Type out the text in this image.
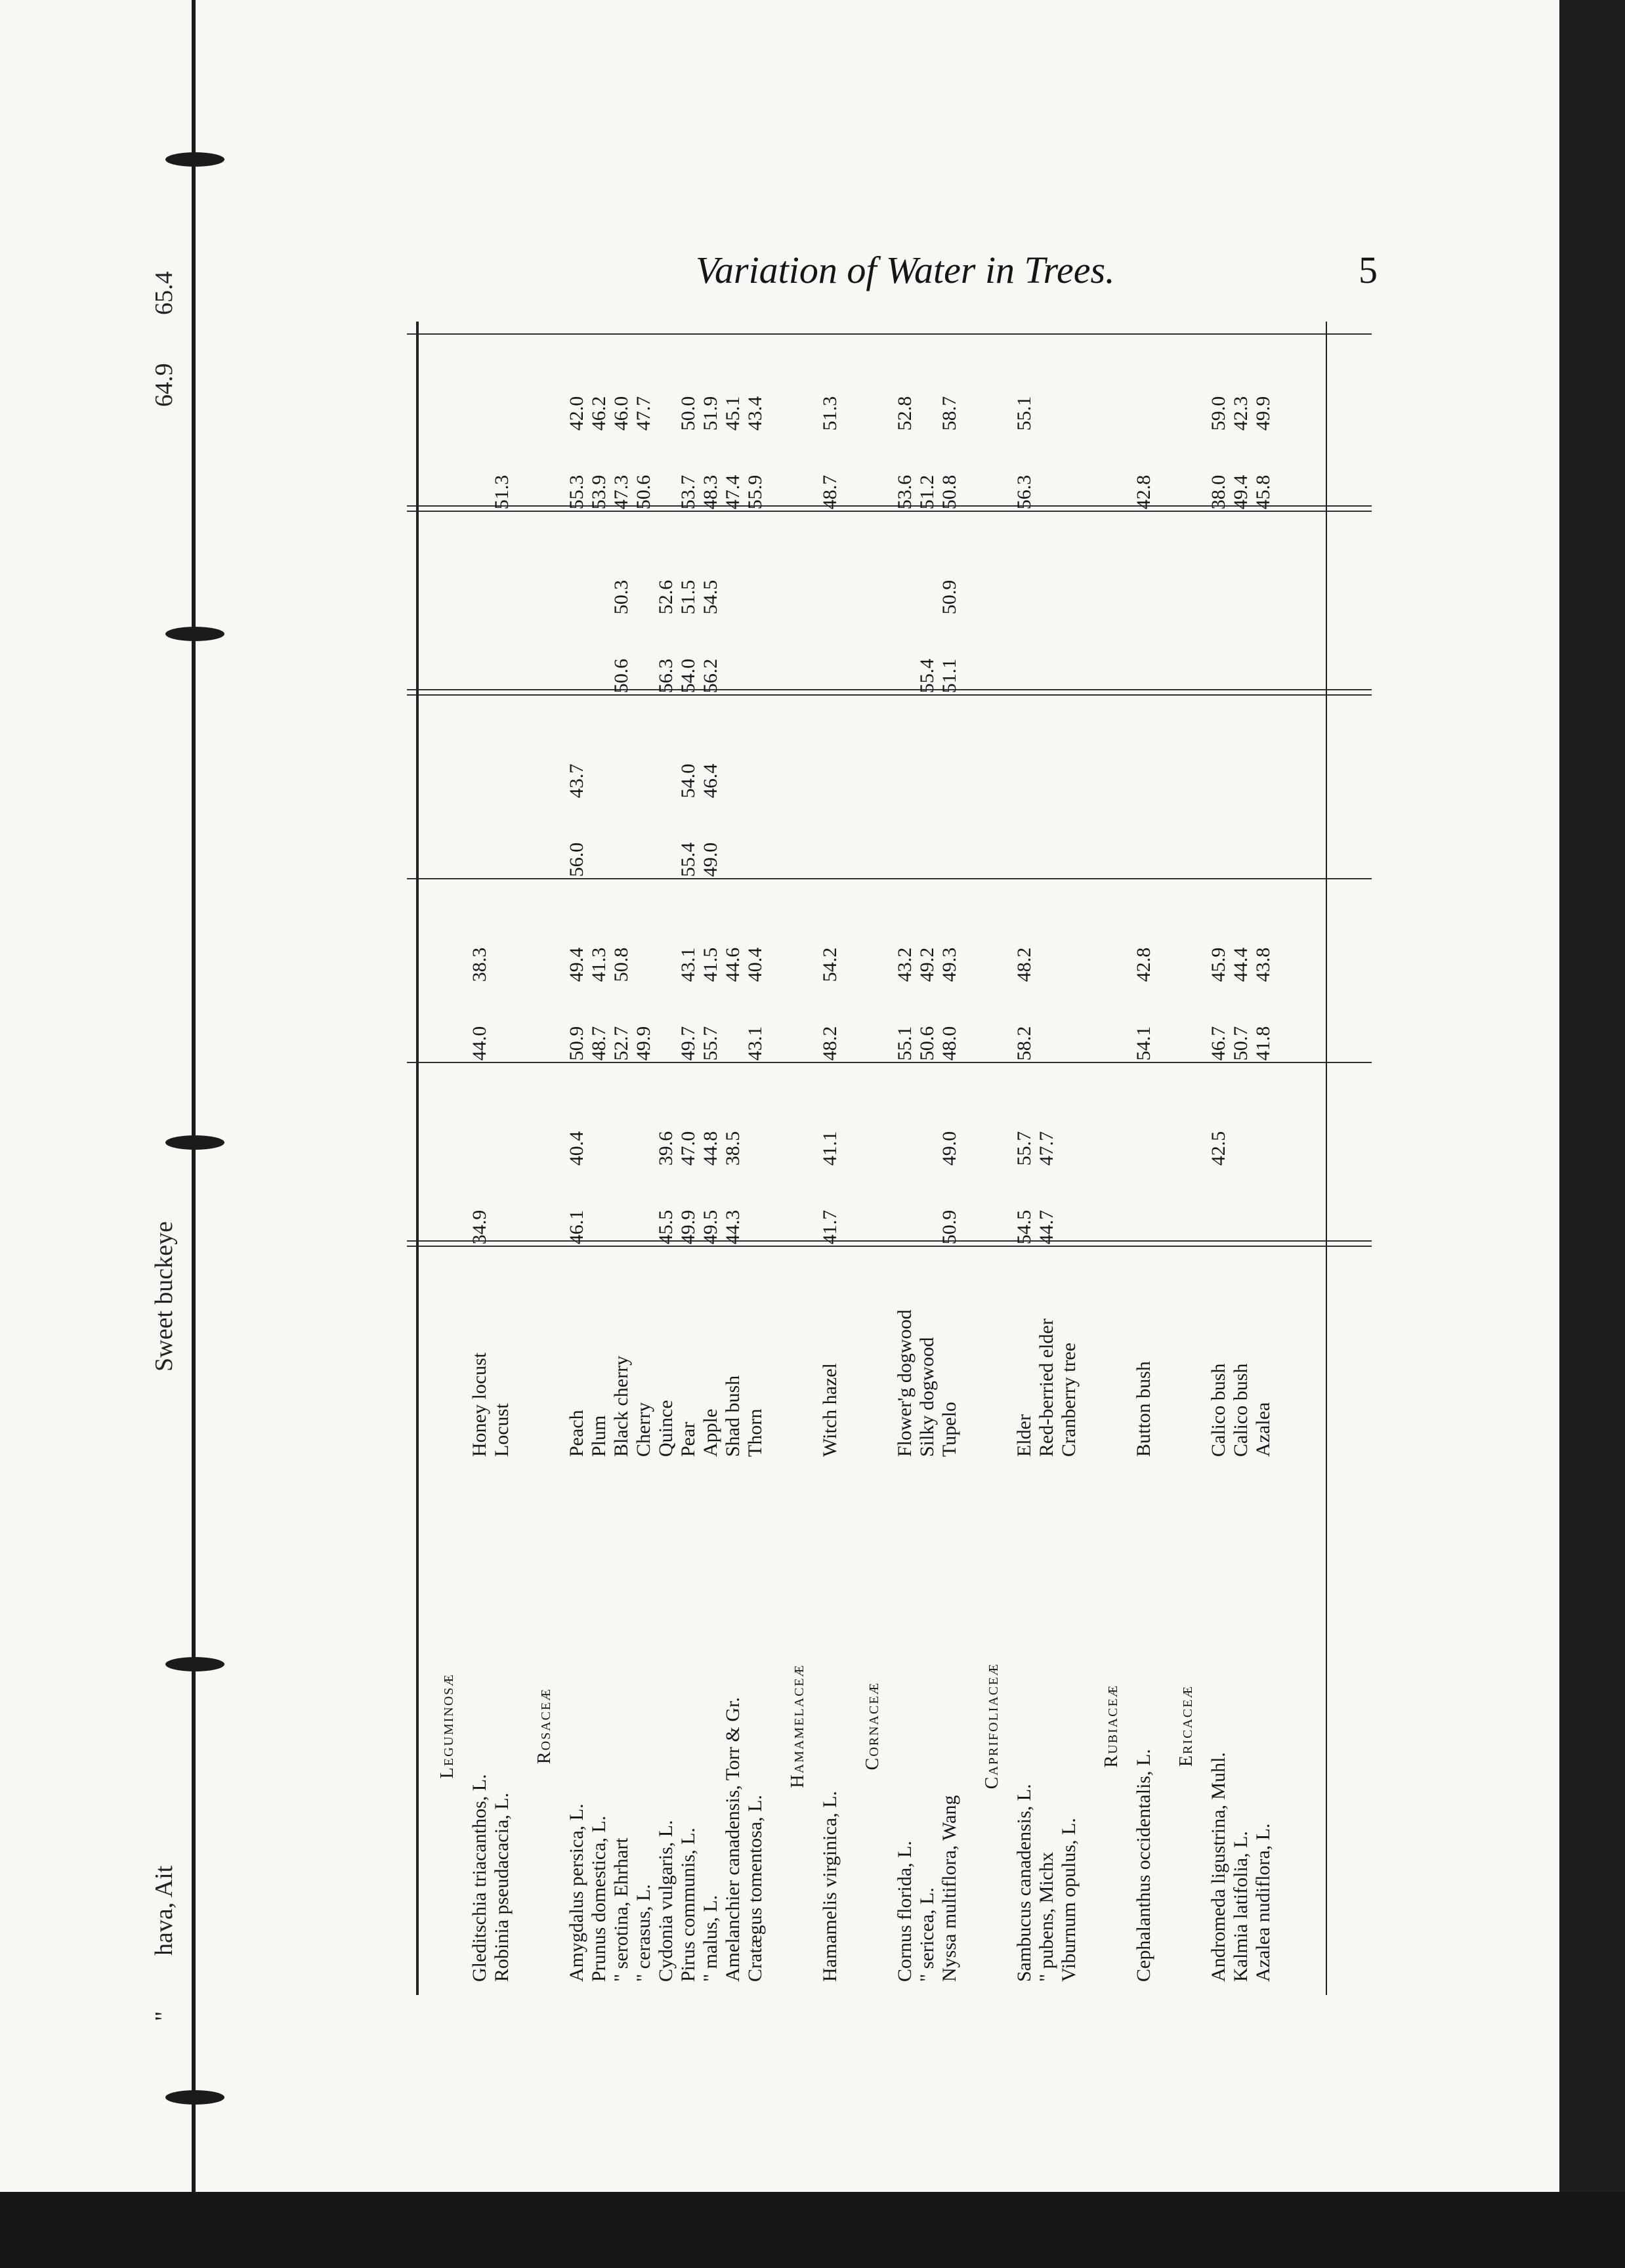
"
hava, Ait
Sweet buckeye
64.9
65.4
Variation of Water in Trees.	5
Leguminosæ
Gleditschia triacanthos, L.
Honey locust
34.9
44.0
38.3
Robinia pseudacacia, L.
Locust
51.3
Rosaceæ
Amygdalus persica, L.
Peach
46.1
40.4
50.9
49.4
56.0
43.7
55.3
42.0
Prunus domestica, L.
Plum
48.7
41.3
53.9
46.2
" serotina, Ehrhart
Black cherry
52.7
50.8
50.6
50.3
47.3
46.0
" cerasus, L.
Cherry
49.9
50.6
47.7
Cydonia vulgaris, L.
Quince
45.5
39.6
56.3
52.6
Pirus communis, L.
Pear
49.9
47.0
49.7
43.1
55.4
54.0
54.0
51.5
53.7
50.0
" malus, L.
Apple
49.5
44.8
55.7
41.5
49.0
46.4
56.2
54.5
48.3
51.9
Amelanchier canadensis, Torr & Gr.
Shad bush
44.3
38.5
44.6
47.4
45.1
Cratægus tomentosa, L.
Thorn
43.1
40.4
55.9
43.4
Hamamelaceæ
Hamamelis virginica, L.
Witch hazel
41.7
41.1
48.2
54.2
48.7
51.3
Cornaceæ
Cornus florida, L.
Flower'g dogwood
55.1
43.2
53.6
52.8
" sericea, L.
Silky dogwood
50.6
49.2
55.4
51.2
Nyssa multiflora, Wang
Tupelo
50.9
49.0
48.0
49.3
51.1
50.9
50.8
58.7
Caprifoliaceæ
Sambucus canadensis, L.
Elder
54.5
55.7
58.2
48.2
56.3
55.1
" pubens, Michx
Red-berried elder
44.7
47.7
Viburnum opulus, L.
Cranberry tree
Rubiaceæ
Cephalanthus occidentalis, L.
Button bush
54.1
42.8
42.8
Ericaceæ
Andromeda ligustrina, Muhl.
Calico bush
42.5
46.7
45.9
38.0
59.0
Kalmia latifolia, L.
Calico bush
50.7
44.4
49.4
42.3
Azalea nudiflora, L.
Azalea
41.8
43.8
45.8
49.9
